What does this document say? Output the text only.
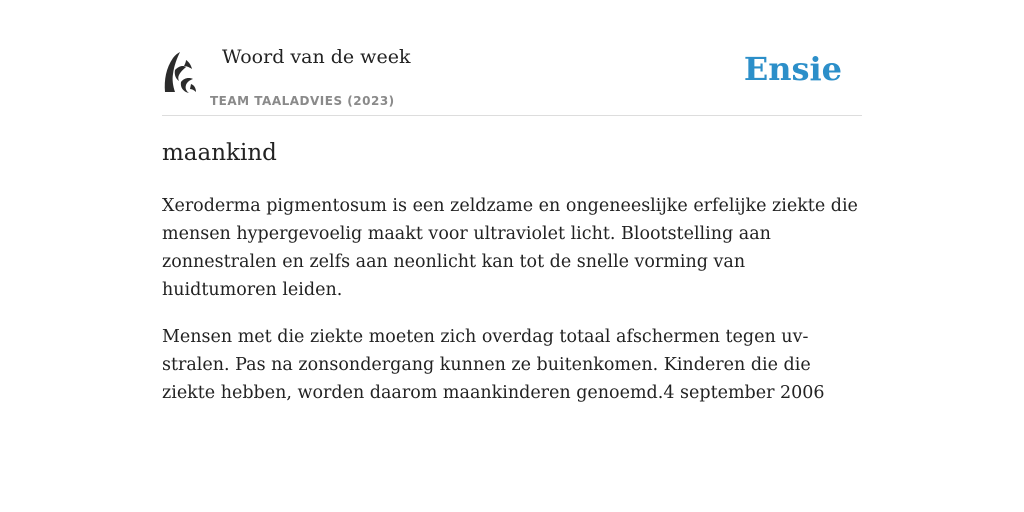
Woord van de week
TEAM TAALADVIES (2023)
Ensie
maankind

Xeroderma pigmentosum is een zeldzame en ongeneeslijke erfelijke ziekte die mensen hypergevoelig maakt voor ultraviolet licht. Blootstelling aan zonnestralen en zelfs aan neonlicht kan tot de snelle vorming van huidtumoren leiden.

Mensen met die ziekte moeten zich overdag totaal afschermen tegen uv-stralen. Pas na zonsondergang kunnen ze buitenkomen. Kinderen die die ziekte hebben, worden daarom maankinderen genoemd.4 september 2006
